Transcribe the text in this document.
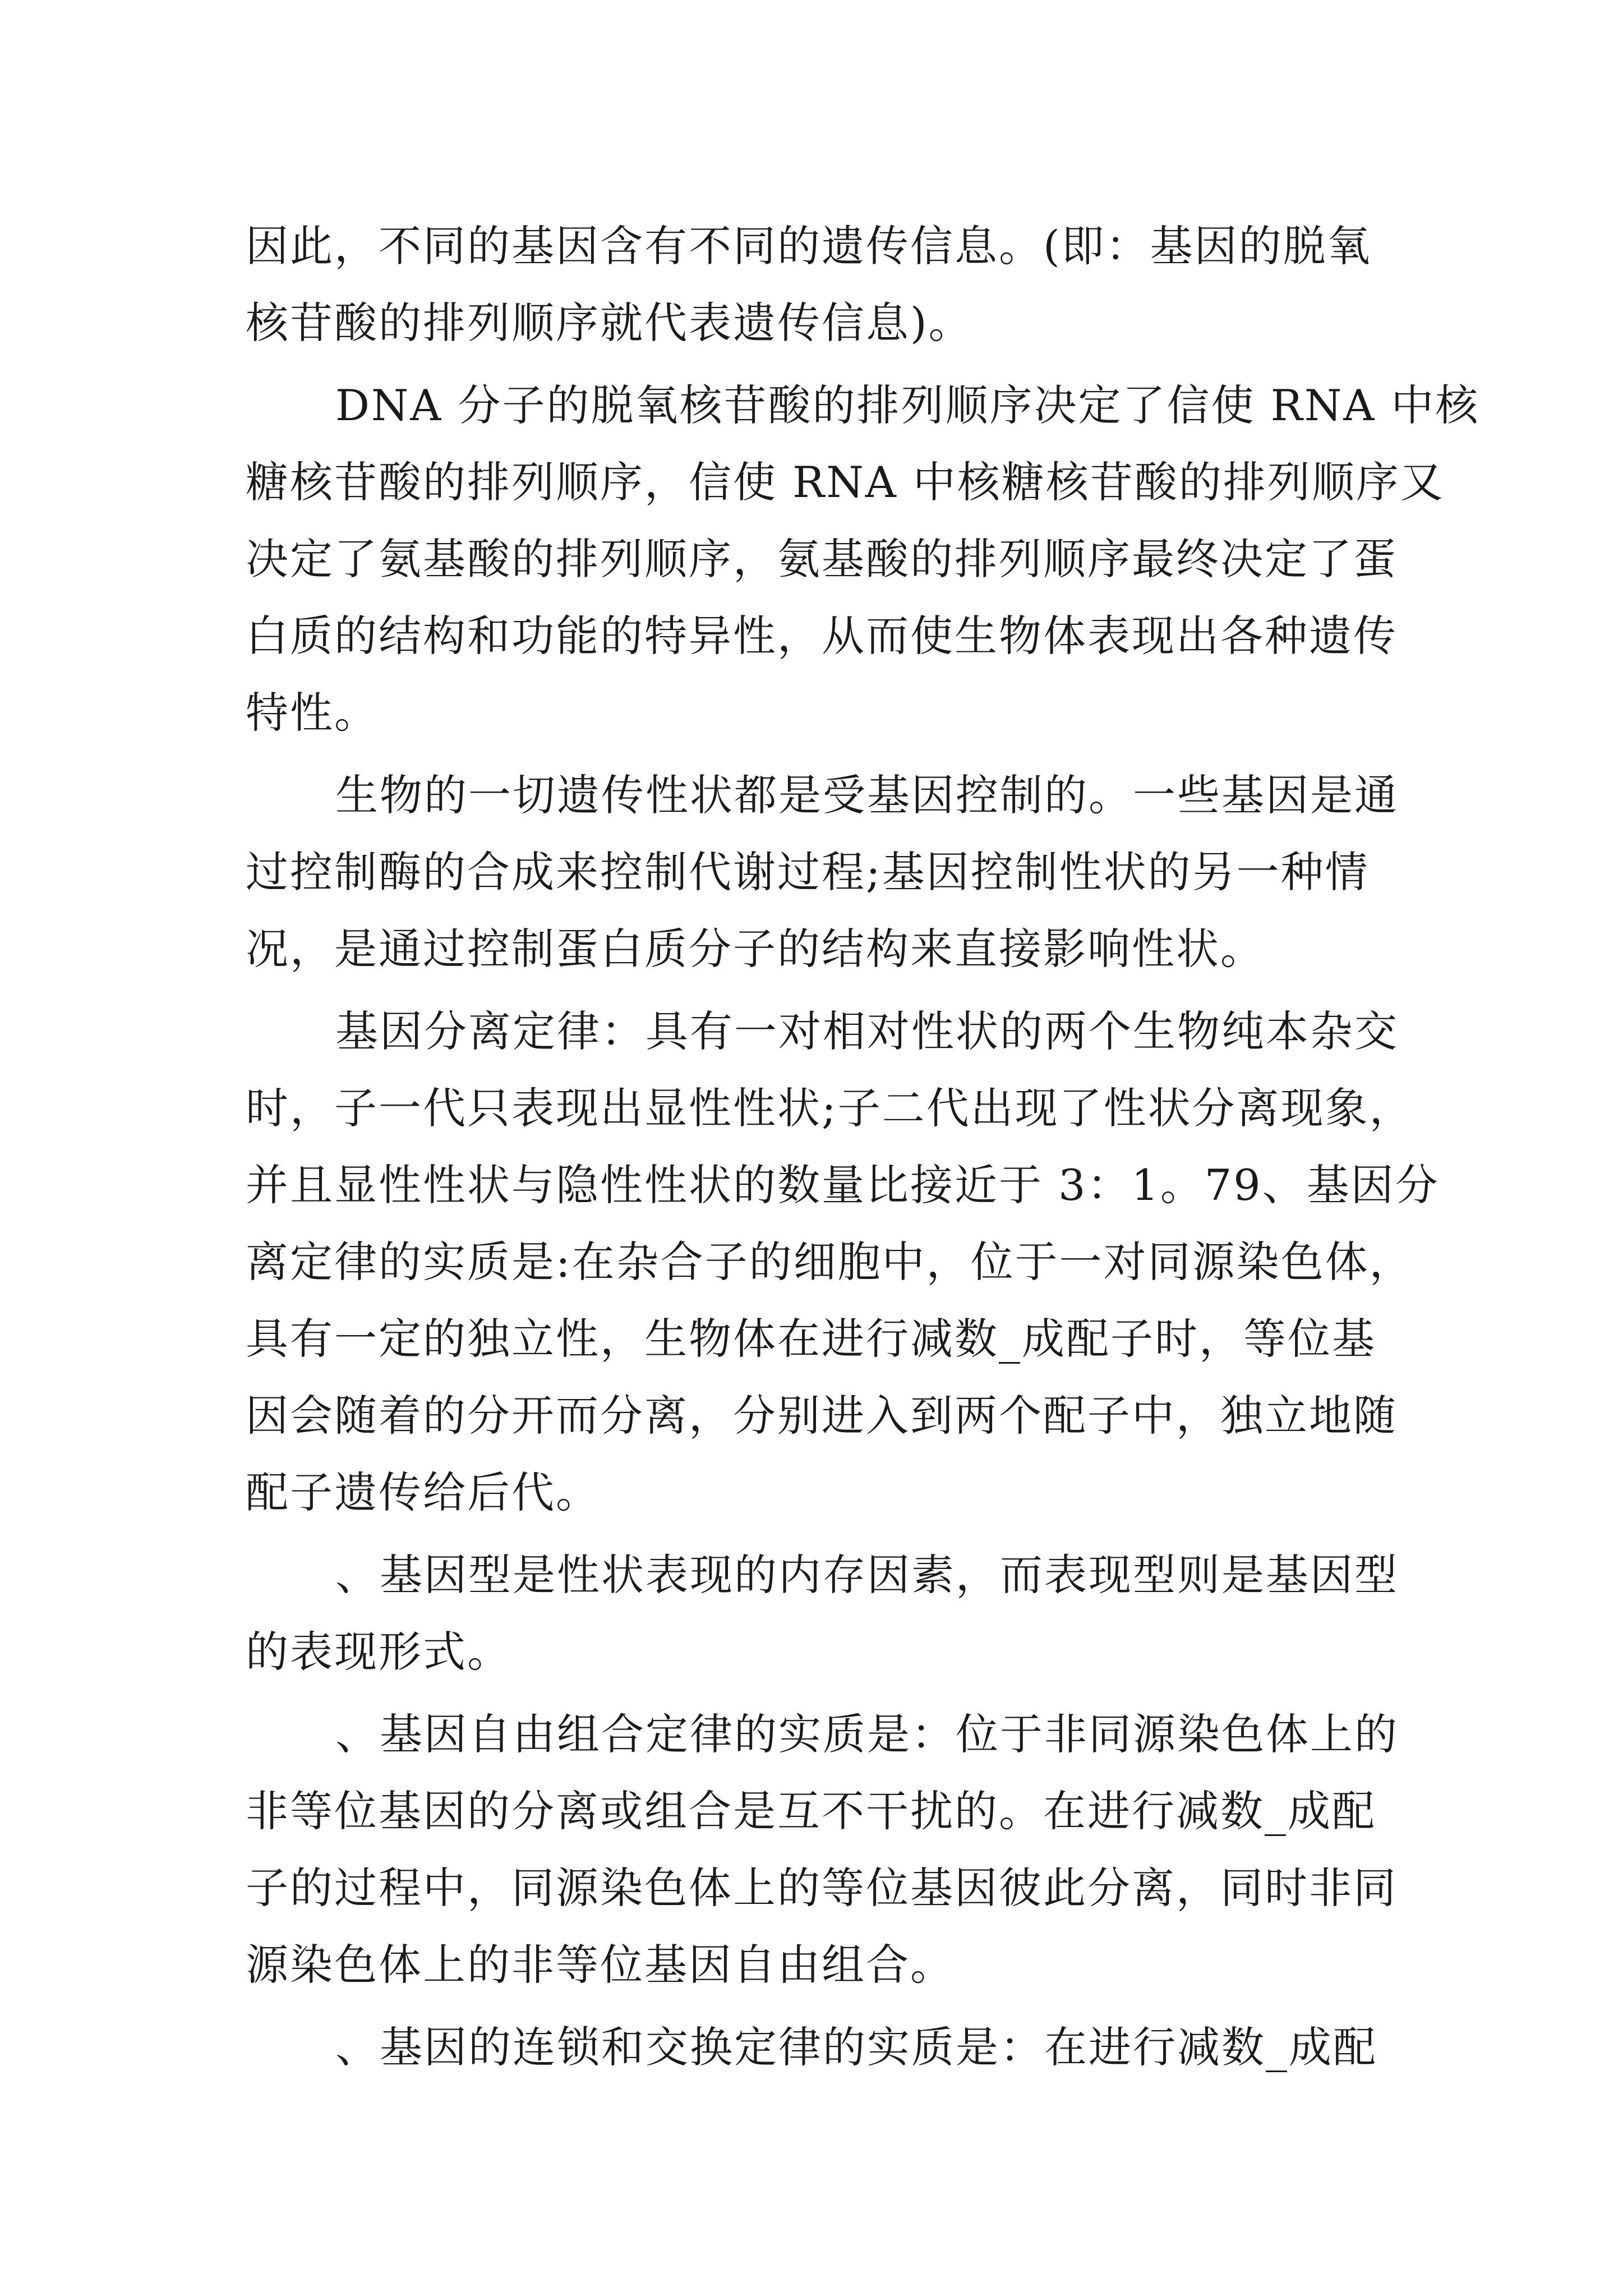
因此，不同的基因含有不同的遗传信息。(即：基因的脱氧
核苷酸的排列顺序就代表遗传信息)。

DNA 分子的脱氧核苷酸的排列顺序决定了信使 RNA 中核
糖核苷酸的排列顺序，信使 RNA 中核糖核苷酸的排列顺序又
决定了氨基酸的排列顺序，氨基酸的排列顺序最终决定了蛋
白质的结构和功能的特异性，从而使生物体表现出各种遗传
特性。

生物的一切遗传性状都是受基因控制的。一些基因是通
过控制酶的合成来控制代谢过程;基因控制性状的另一种情
况，是通过控制蛋白质分子的结构来直接影响性状。

基因分离定律：具有一对相对性状的两个生物纯本杂交
时，子一代只表现出显性性状;子二代出现了性状分离现象，
并且显性性状与隐性性状的数量比接近于 3：1。79、基因分
离定律的实质是:在杂合子的细胞中，位于一对同源染色体，
具有一定的独立性，生物体在进行减数_成配子时，等位基
因会随着的分开而分离，分别进入到两个配子中，独立地随
配子遗传给后代。

、基因型是性状表现的内存因素，而表现型则是基因型
的表现形式。

、基因自由组合定律的实质是：位于非同源染色体上的
非等位基因的分离或组合是互不干扰的。在进行减数_成配
子的过程中，同源染色体上的等位基因彼此分离，同时非同
源染色体上的非等位基因自由组合。

、基因的连锁和交换定律的实质是：在进行减数_成配
